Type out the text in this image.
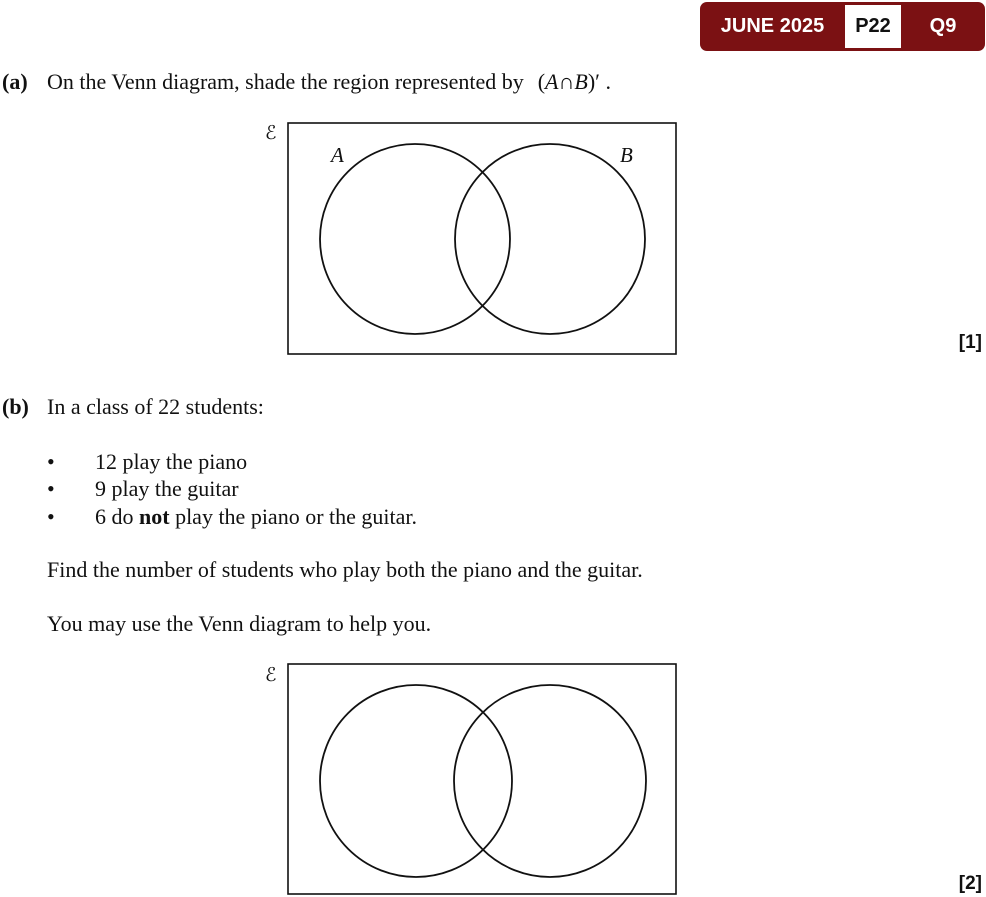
JUNE 2025	P22	Q9
(a) On the Venn diagram, shade the region represented by (A∩B)′ .
ℰ
A	B
[1]
(b) In a class of 22 students:
• 12 play the piano
• 9 play the guitar
• 6 do not play the piano or the guitar.
Find the number of students who play both the piano and the guitar.
You may use the Venn diagram to help you.
ℰ
[2]
